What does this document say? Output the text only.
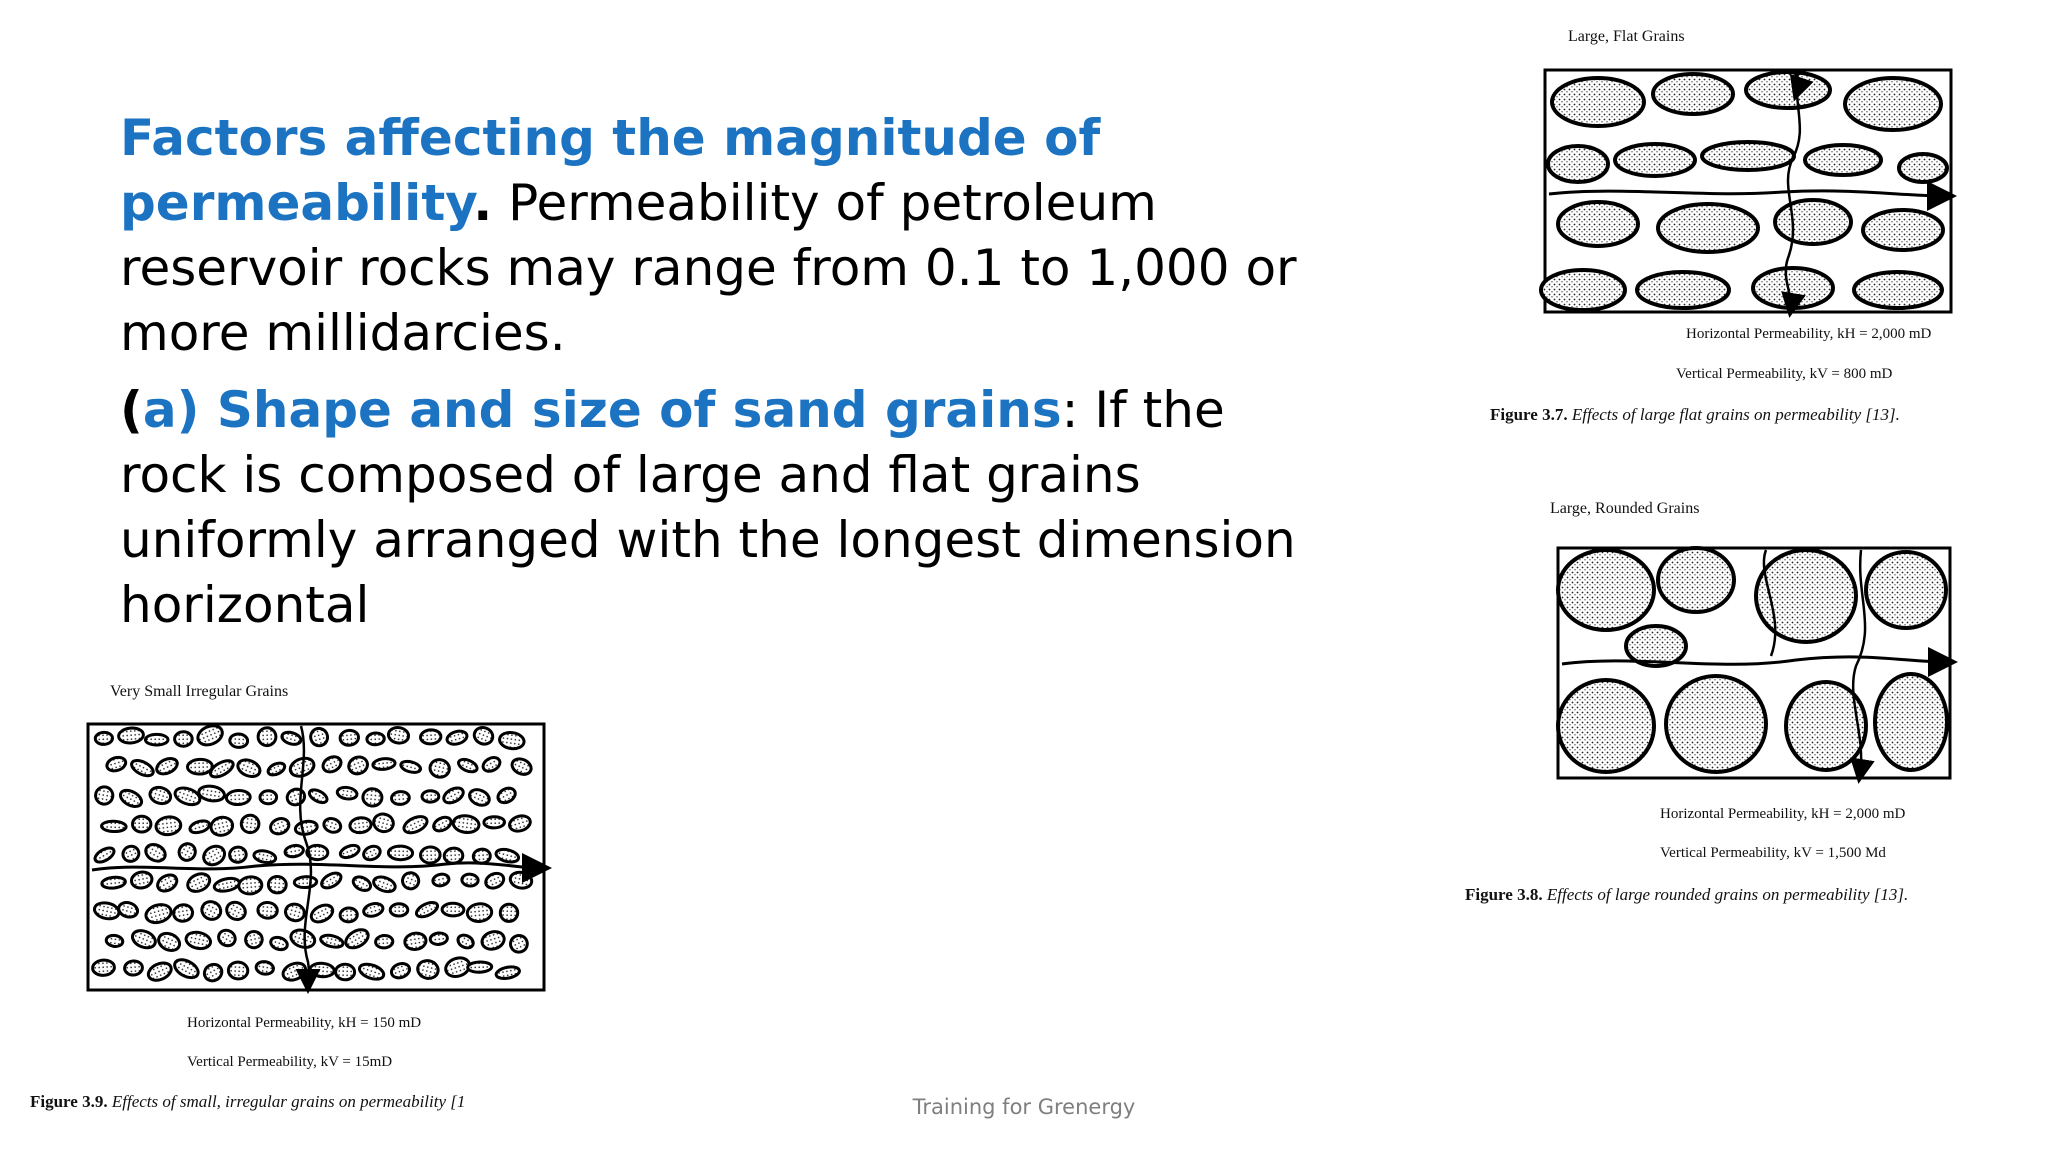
Factors affecting the magnitude of permeability. Permeability of petroleum reservoir rocks may range from 0.1 to 1,000 or more millidarcies.

(a) Shape and size of sand grains: If the rock is composed of large and flat grains uniformly arranged with the longest dimension horizontal

Large, Flat Grains
Horizontal Permeability, kH = 2,000 mD
Vertical Permeability, kV = 800 mD
Figure 3.7. Effects of large flat grains on permeability [13].
Large, Rounded Grains
Horizontal Permeability, kH = 2,000 mD
Vertical Permeability, kV = 1,500 Md
Figure 3.8. Effects of large rounded grains on permeability [13].
Very Small Irregular Grains
Horizontal Permeability, kH = 150 mD
Vertical Permeability, kV = 15mD
Figure 3.9. Effects of small, irregular grains on permeability [1	Training for Grenergy
